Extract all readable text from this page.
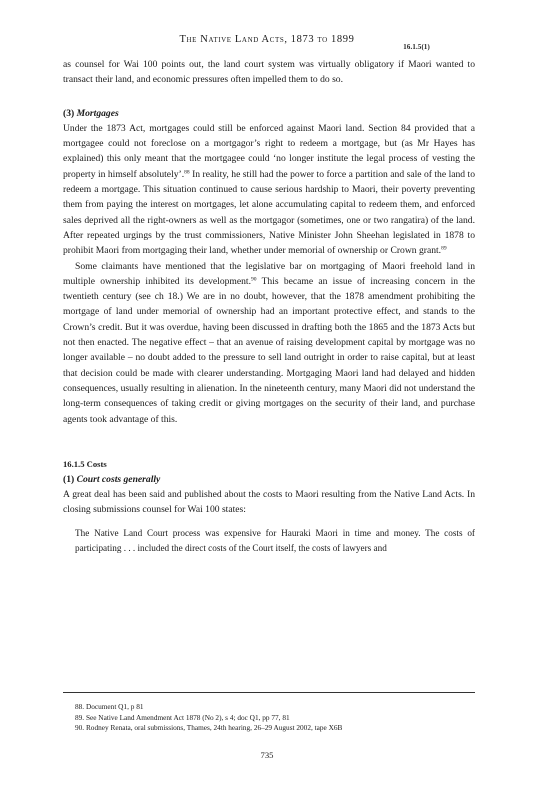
The Native Land Acts, 1873 to 1899
16.1.5(1)

as counsel for Wai 100 points out, the land court system was virtually obligatory if Maori wanted to transact their land, and economic pressures often impelled them to do so.

(3) Mortgages

Under the 1873 Act, mortgages could still be enforced against Maori land. Section 84 provided that a mortgagee could not foreclose on a mortgagor’s right to redeem a mortgage, but (as Mr Hayes has explained) this only meant that the mortgagee could ‘no longer institute the legal process of vesting the property in himself absolutely’.$^{88}$ In reality, he still had the power to force a partition and sale of the land to redeem a mortgage. This situation continued to cause serious hardship to Maori, their poverty preventing them from paying the interest on mortgages, let alone accumulating capital to redeem them, and enforced sales deprived all the right-owners as well as the mortgagor (sometimes, one or two rangatira) of the land. After repeated urgings by the trust commissioners, Native Minister John Sheehan legislated in 1878 to prohibit Maori from mortgaging their land, whether under memorial of ownership or Crown grant.$^{89}$

Some claimants have mentioned that the legislative bar on mortgaging of Maori freehold land in multiple ownership inhibited its development.$^{90}$ This became an issue of increasing concern in the twentieth century (see ch 18.) We are in no doubt, however, that the 1878 amendment prohibiting the mortgage of land under memorial of ownership had an important protective effect, and stands to the Crown’s credit. But it was overdue, having been discussed in drafting both the 1865 and the 1873 Acts but not then enacted. The negative effect – that an avenue of raising development capital by mortgage was no longer available – no doubt added to the pressure to sell land outright in order to raise capital, but at least that decision could be made with clearer understanding. Mortgaging Maori land had delayed and hidden consequences, usually resulting in alienation. In the nineteenth century, many Maori did not understand the long-term consequences of taking credit or giving mortgages on the security of their land, and purchase agents took advantage of this.

16.1.5 Costs

(1) Court costs generally

A great deal has been said and published about the costs to Maori resulting from the Native Land Acts. In closing submissions counsel for Wai 100 states:

The Native Land Court process was expensive for Hauraki Maori in time and money. The costs of participating . . . included the direct costs of the Court itself, the costs of lawyers and

88. Document Q1, p 81

89. See Native Land Amendment Act 1878 (No 2), s 4; doc Q1, pp 77, 81

90. Rodney Renata, oral submissions, Thames, 24th hearing, 26–29 August 2002, tape X6B

735
